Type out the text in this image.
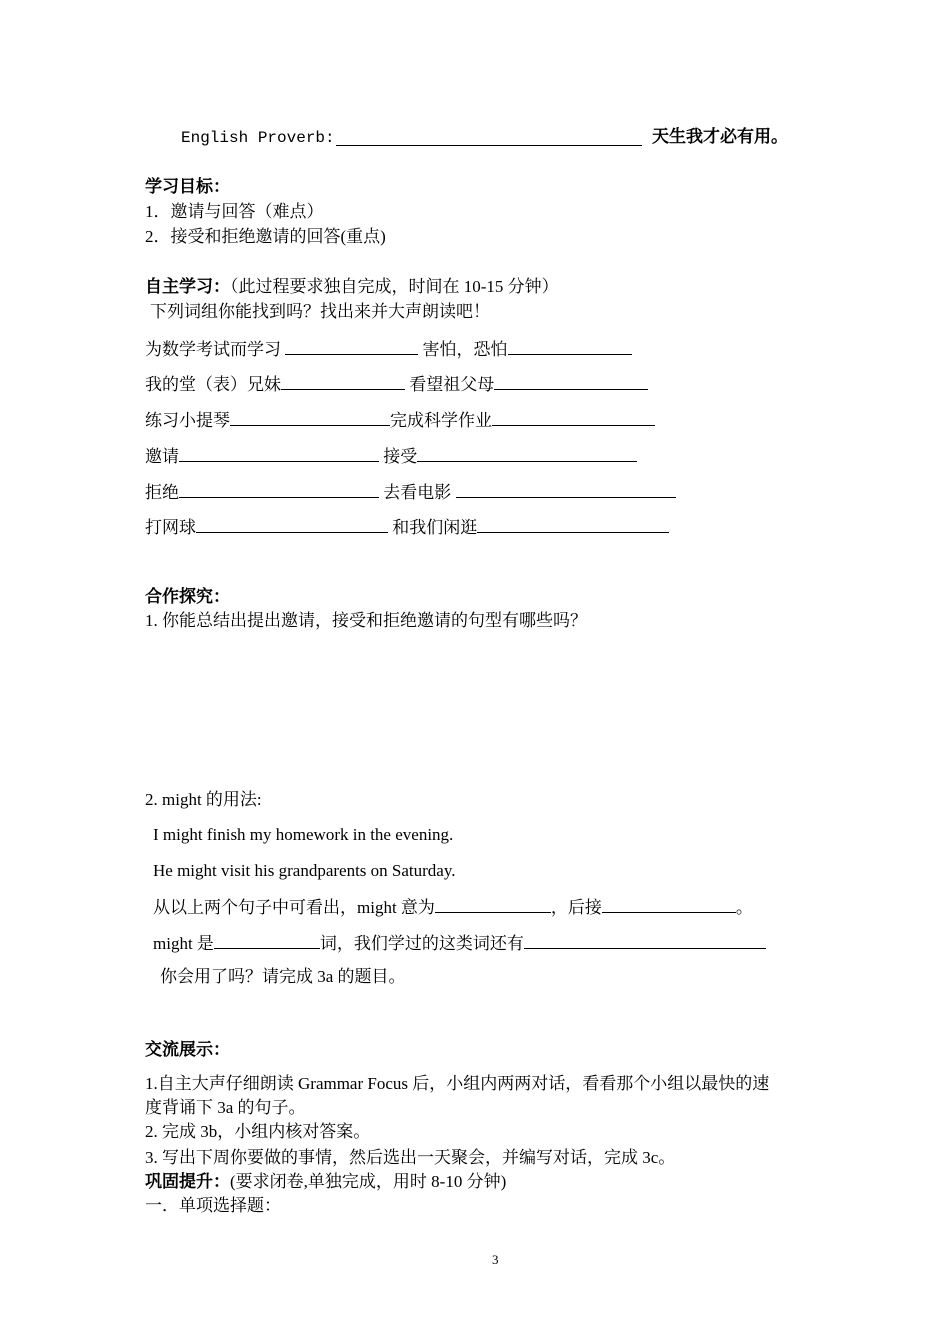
English Proverb:	天生我才必有用。
学习目标：
1．邀请与回答（难点）
2．接受和拒绝邀请的回答(重点)
自主学习：（此过程要求独自完成，时间在 10-15 分钟）
下列词组你能找到吗？找出来并大声朗读吧！
为数学考试而学习	害怕，恐怕
我的堂（表）兄妹	看望祖父母
练习小提琴	完成科学作业
邀请	接受
拒绝	去看电影
打网球	和我们闲逛
合作探究：
1. 你能总结出提出邀请，接受和拒绝邀请的句型有哪些吗？
2. might 的用法:
I might finish my homework in the evening.
He might visit his grandparents on Saturday.
从以上两个句子中可看出，might 意为	，后接	。
might 是	词，我们学过的这类词还有
你会用了吗？请完成 3a 的题目。
交流展示：
1.自主大声仔细朗读 Grammar Focus 后，小组内两两对话，看看那个小组以最快的速
度背诵下 3a 的句子。
2. 完成 3b，小组内核对答案。
3. 写出下周你要做的事情，然后选出一天聚会，并编写对话，完成 3c。
巩固提升：(要求闭卷,单独完成，用时 8-10 分钟)
一．单项选择题：
3
